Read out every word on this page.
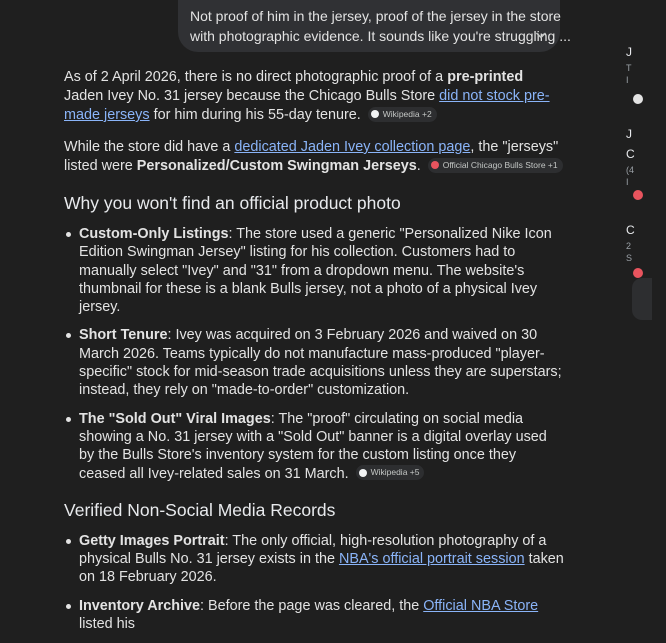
Not proof of him in the jersey, proof of the jersey in the store
with photographic evidence. It sounds like you're struggling ...

As of 2 April 2026, there is no direct photographic proof of a pre-printed Jaden Ivey No. 31 jersey because the Chicago Bulls Store did not stock pre-made jerseys for him during his 55-day tenure.	Wikipedia +2

While the store did have a dedicated Jaden Ivey collection page, the "jerseys" listed were Personalized/Custom Swingman Jerseys.	Official Chicago Bulls Store +1

Why you won't find an official product photo
Custom-Only Listings: The store used a generic "Personalized Nike Icon Edition Swingman Jersey" listing for his collection. Customers had to manually select "Ivey" and "31" from a dropdown menu. The website's thumbnail for these is a blank Bulls jersey, not a photo of a physical Ivey jersey.
Short Tenure: Ivey was acquired on 3 February 2026 and waived on 30 March 2026. Teams typically do not manufacture mass-produced "player-specific" stock for mid-season trade acquisitions unless they are superstars; instead, they rely on "made-to-order" customization.
The "Sold Out" Viral Images: The "proof" circulating on social media showing a No. 31 jersey with a "Sold Out" banner is a digital overlay used by the Bulls Store's inventory system for the custom listing once they ceased all Ivey-related sales on 31 March.	Wikipedia +5
Verified Non-Social Media Records
Getty Images Portrait: The only official, high-resolution photography of a physical Bulls No. 31 jersey exists in the NBA's official portrait session taken on 18 February 2026.
Inventory Archive: Before the page was cleared, the Official NBA Store listed his
J
T
I
J
C
(4
I
C
2
S
